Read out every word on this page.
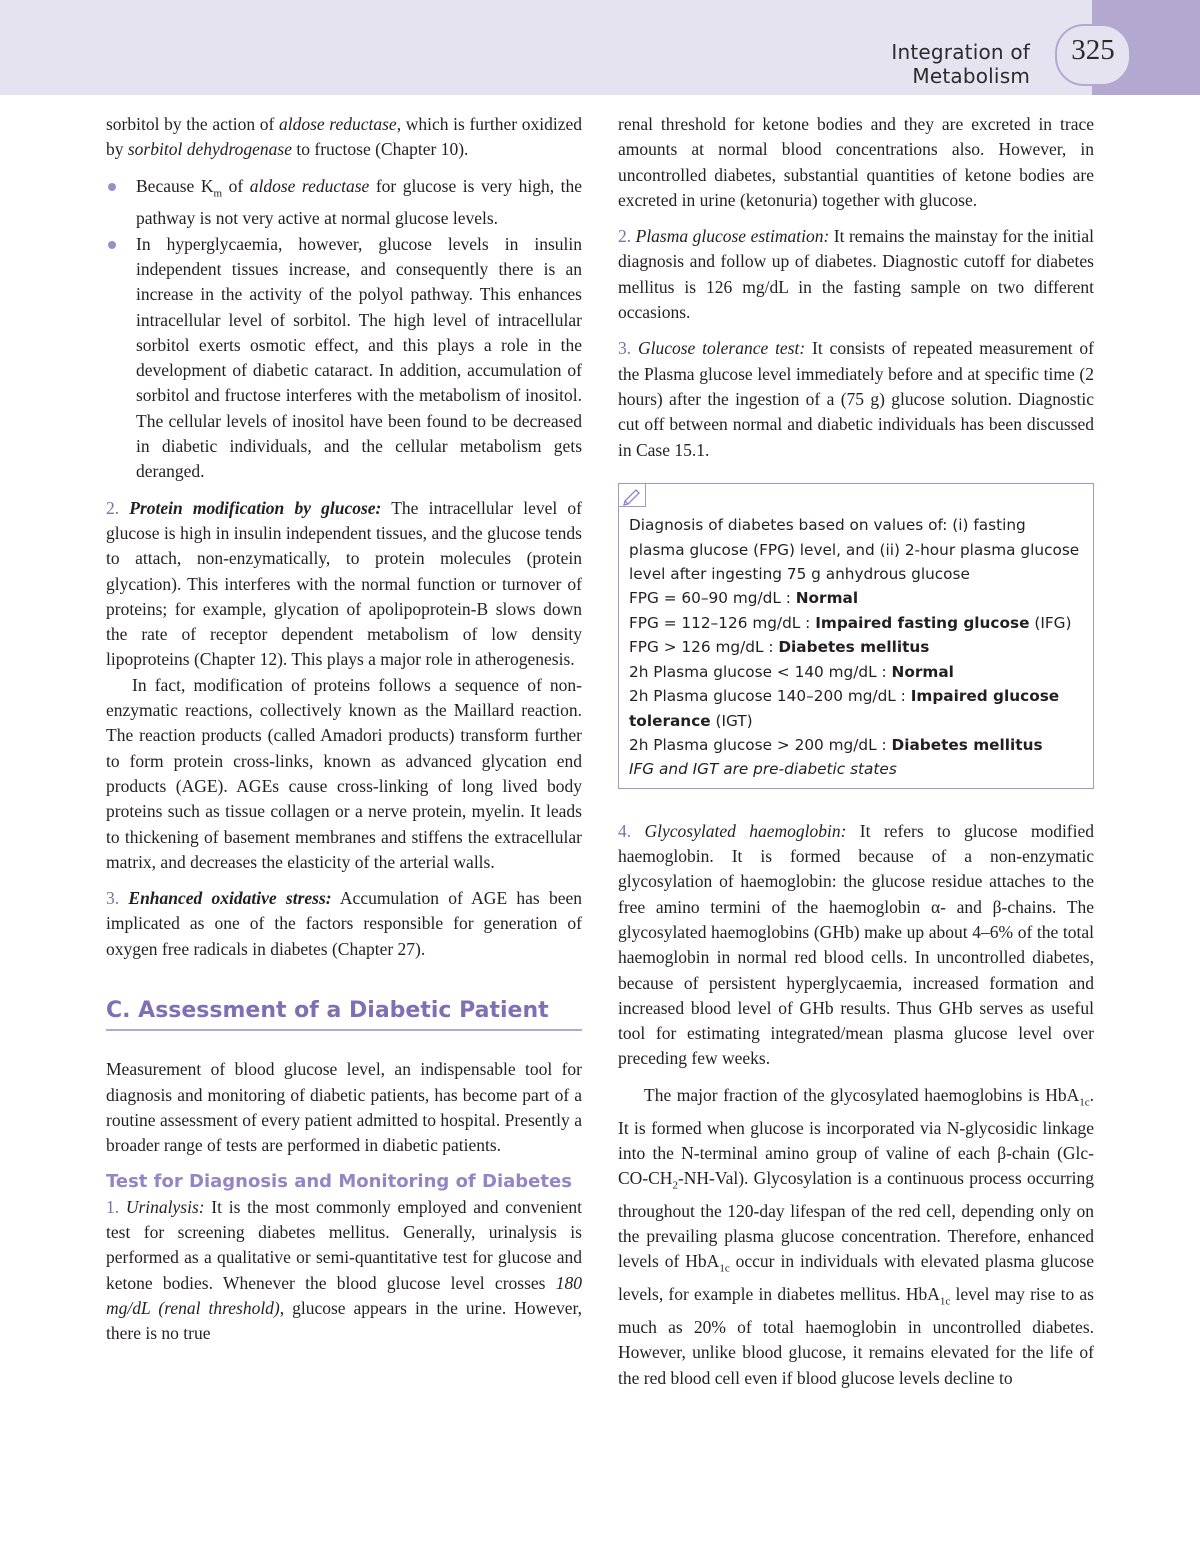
Integration of Metabolism
325

sorbitol by the action of aldose reductase, which is further oxidized by sorbitol dehydrogenase to fructose (Chapter 10).

Because $K_m$ of aldose reductase for glucose is very high, the pathway is not very active at normal glucose levels.
In hyperglycaemia, however, glucose levels in insulin independent tissues increase, and consequently there is an increase in the activity of the polyol pathway. This enhances intracellular level of sorbitol. The high level of intracellular sorbitol exerts osmotic effect, and this plays a role in the development of diabetic cataract. In addition, accumulation of sorbitol and fructose interferes with the metabolism of inositol. The cellular levels of inositol have been found to be decreased in diabetic individuals, and the cellular metabolism gets deranged.

2. Protein modification by glucose: The intracellular level of glucose is high in insulin independent tissues, and the glucose tends to attach, non-enzymatically, to protein molecules (protein glycation). This interferes with the normal function or turnover of proteins; for example, glycation of apolipoprotein-B slows down the rate of receptor dependent metabolism of low density lipoproteins (Chapter 12). This plays a major role in atherogenesis.

In fact, modification of proteins follows a sequence of non-enzymatic reactions, collectively known as the Maillard reaction. The reaction products (called Amadori products) transform further to form protein cross-links, known as advanced glycation end products (AGE). AGEs cause cross-linking of long lived body proteins such as tissue collagen or a nerve protein, myelin. It leads to thickening of basement membranes and stiffens the extracellular matrix, and decreases the elasticity of the arterial walls.

3. Enhanced oxidative stress: Accumulation of AGE has been implicated as one of the factors responsible for generation of oxygen free radicals in diabetes (Chapter 27).

C. Assessment of a Diabetic Patient

Measurement of blood glucose level, an indispensable tool for diagnosis and monitoring of diabetic patients, has become part of a routine assessment of every patient admitted to hospital. Presently a broader range of tests are performed in diabetic patients.

Test for Diagnosis and Monitoring of Diabetes

1. Urinalysis: It is the most commonly employed and convenient test for screening diabetes mellitus. Generally, urinalysis is performed as a qualitative or semi-quantitative test for glucose and ketone bodies. Whenever the blood glucose level crosses 180 mg/dL (renal threshold), glucose appears in the urine. However, there is no true

renal threshold for ketone bodies and they are excreted in trace amounts at normal blood concentrations also. However, in uncontrolled diabetes, substantial quantities of ketone bodies are excreted in urine (ketonuria) together with glucose.

2. Plasma glucose estimation: It remains the mainstay for the initial diagnosis and follow up of diabetes. Diagnostic cutoff for diabetes mellitus is 126 mg/dL in the fasting sample on two different occasions.

3. Glucose tolerance test: It consists of repeated measurement of the Plasma glucose level immediately before and at specific time (2 hours) after the ingestion of a (75 g) glucose solution. Diagnostic cut off between normal and diabetic individuals has been discussed in Case 15.1.

Diagnosis of diabetes based on values of: (i) fasting plasma glucose (FPG) level, and (ii) 2-hour plasma glucose level after ingesting 75 g anhydrous glucose
FPG = 60–90 mg/dL : Normal
FPG = 112–126 mg/dL : Impaired fasting glucose (IFG)
FPG > 126 mg/dL : Diabetes mellitus
2h Plasma glucose < 140 mg/dL : Normal
2h Plasma glucose 140–200 mg/dL : Impaired glucose tolerance (IGT)
2h Plasma glucose > 200 mg/dL : Diabetes mellitus
IFG and IGT are pre-diabetic states

4. Glycosylated haemoglobin: It refers to glucose modified haemoglobin. It is formed because of a non-enzymatic glycosylation of haemoglobin: the glucose residue attaches to the free amino termini of the haemoglobin α- and β-chains. The glycosylated haemoglobins (GHb) make up about 4–6% of the total haemoglobin in normal red blood cells. In uncontrolled diabetes, because of persistent hyperglycaemia, increased formation and increased blood level of GHb results. Thus GHb serves as useful tool for estimating integrated/mean plasma glucose level over preceding few weeks.

The major fraction of the glycosylated haemoglobins is HbA$_{1c}$. It is formed when glucose is incorporated via N-glycosidic linkage into the N-terminal amino group of valine of each β-chain $(Glc-CO-CH_2-NH-Val)$. Glycosylation is a continuous process occurring throughout the 120-day lifespan of the red cell, depending only on the prevailing plasma glucose concentration. Therefore, enhanced levels of HbA$_{1c}$ occur in individuals with elevated plasma glucose levels, for example in diabetes mellitus. HbA$_{1c}$ level may rise to as much as 20% of total haemoglobin in uncontrolled diabetes. However, unlike blood glucose, it remains elevated for the life of the red blood cell even if blood glucose levels decline to
